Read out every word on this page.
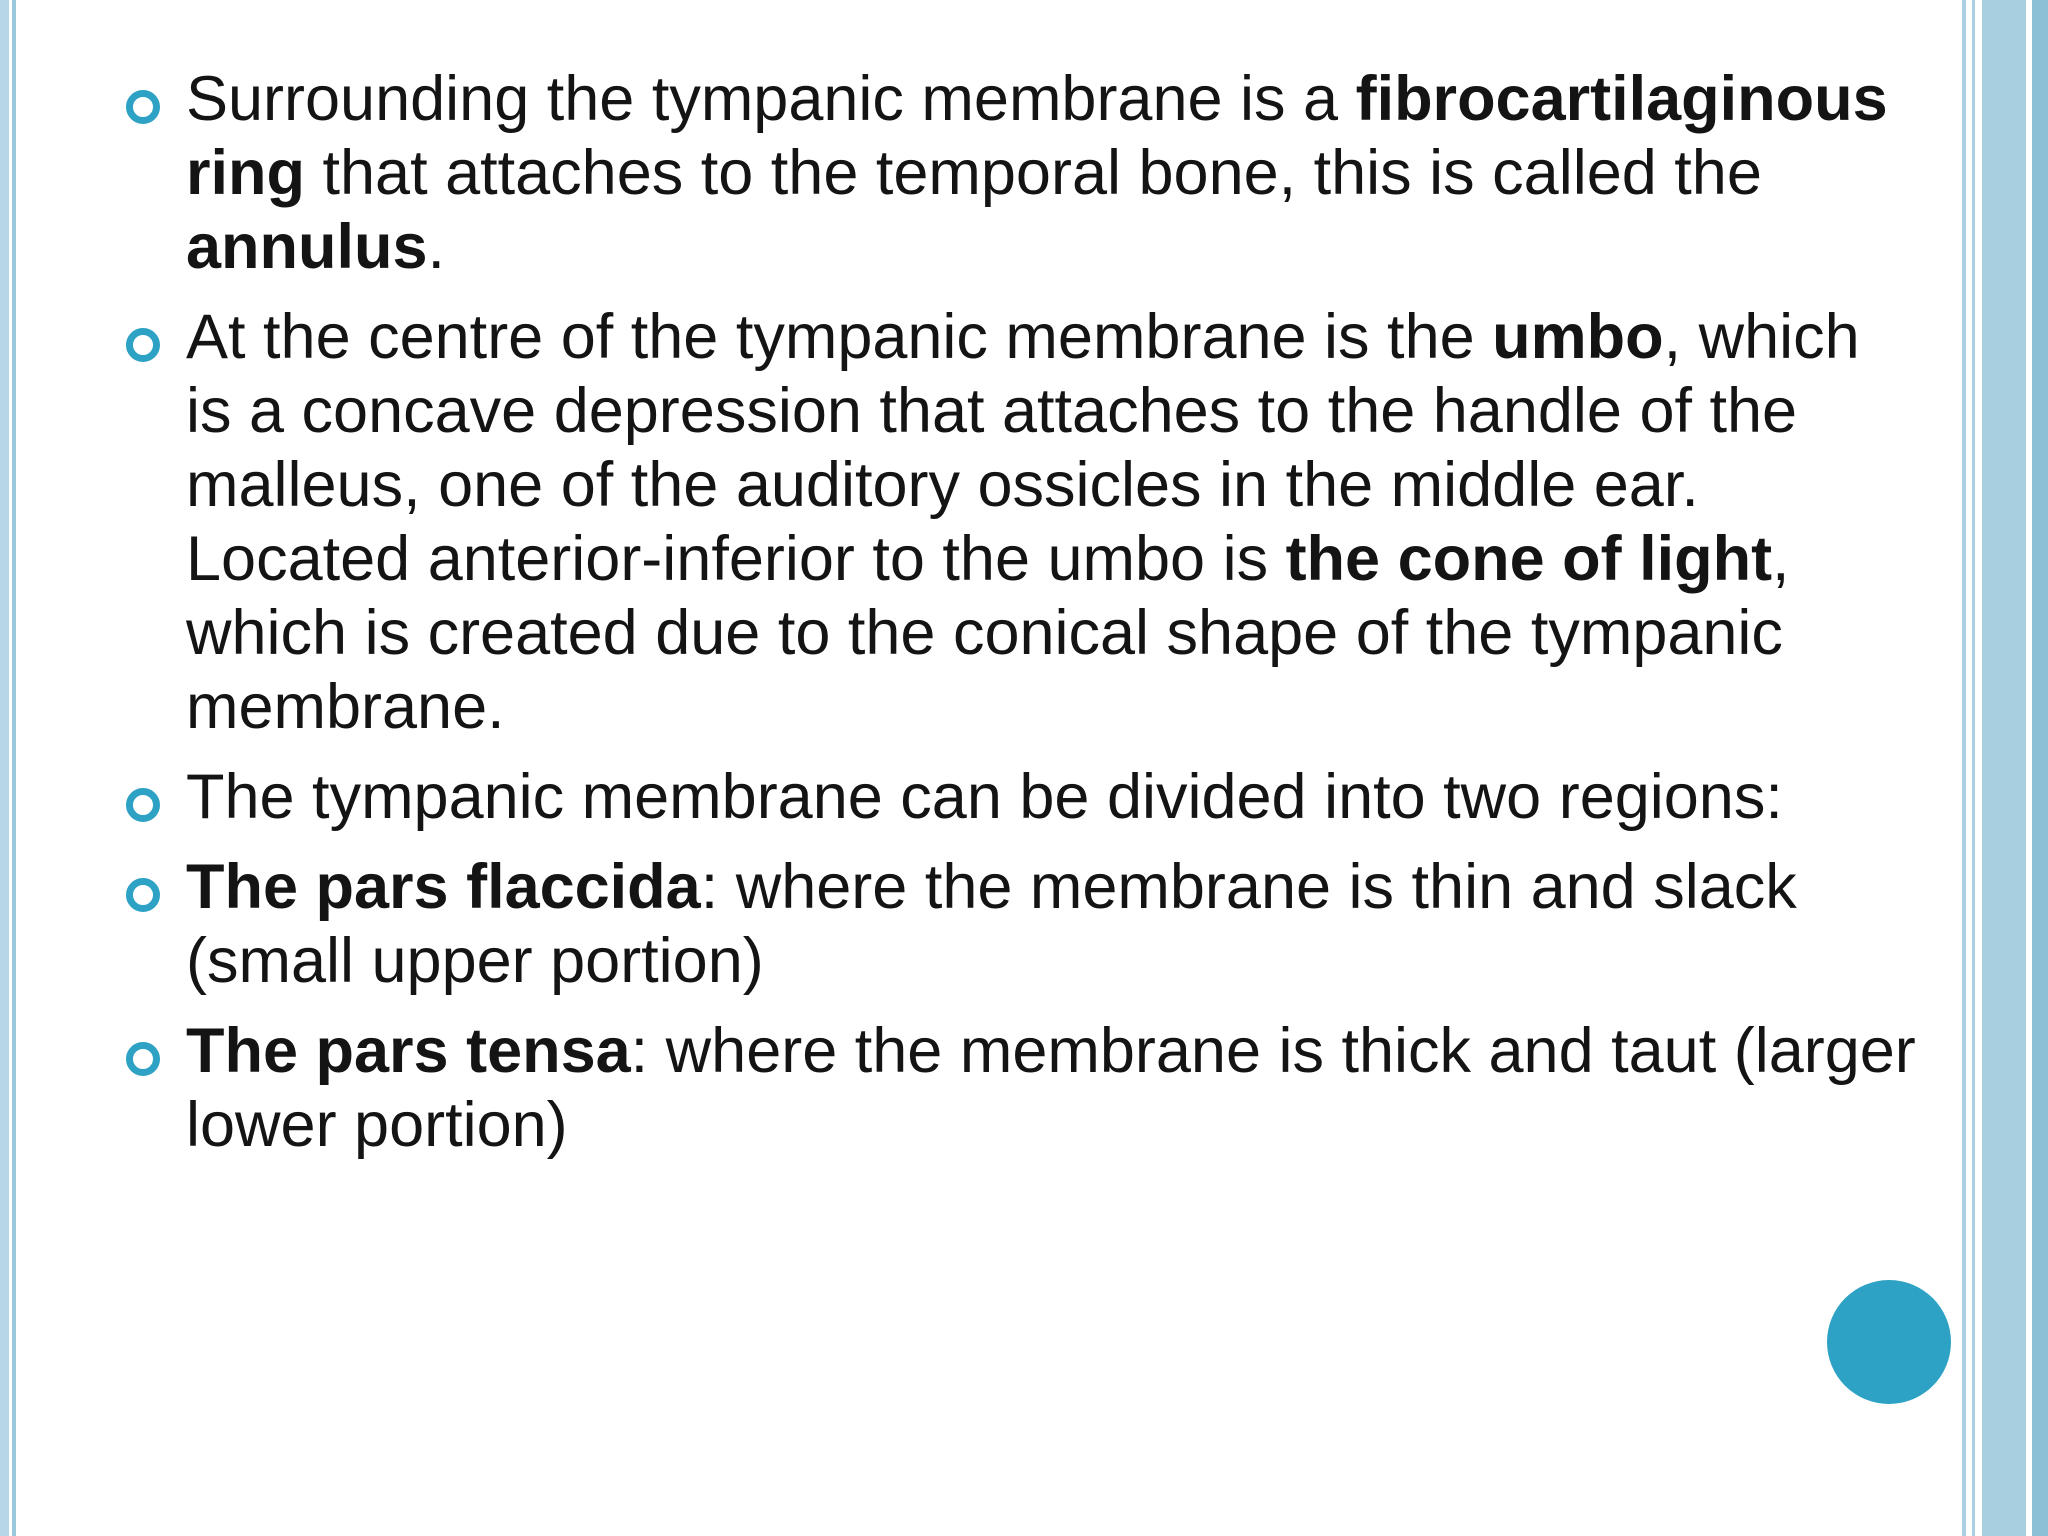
Surrounding the tympanic membrane is a fibrocartilaginous ring that attaches to the temporal bone, this is called the annulus.
At the centre of the tympanic membrane is the umbo, which is a concave depression that attaches to the handle of the malleus, one of the auditory ossicles in the middle ear. Located anterior-inferior to the umbo is the cone of light, which is created due to the conical shape of the tympanic membrane.
The tympanic membrane can be divided into two regions:
The pars flaccida: where the membrane is thin and slack (small upper portion)
The pars tensa: where the membrane is thick and taut (larger lower portion)
